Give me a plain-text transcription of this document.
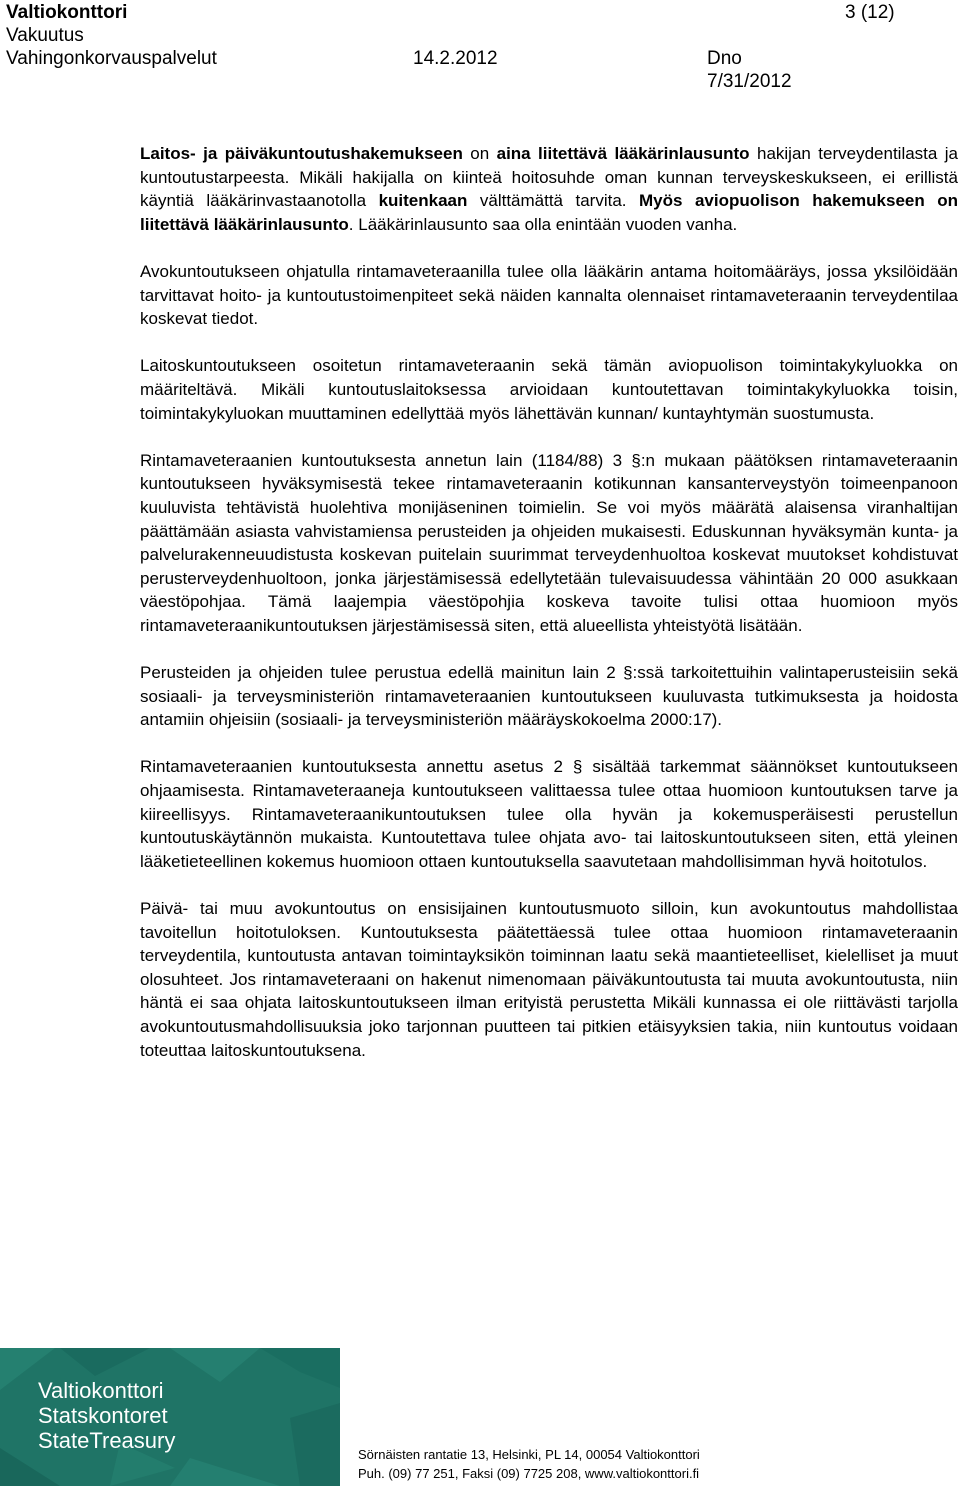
Valtiokonttori	3 (12)
Vakuutus
Vahingonkorvauspalvelut	14.2.2012	Dno
7/31/2012

Laitos- ja päiväkuntoutushakemukseen on aina liitettävä lääkärinlausunto hakijan terveydentilasta ja kuntoutustarpeesta. Mikäli hakijalla on kiinteä hoitosuhde oman kunnan terveyskeskukseen, ei erillistä käyntiä lääkärinvastaanotolla kuitenkaan välttämättä tarvita. Myös aviopuolison hakemukseen on liitettävä lääkärinlausunto. Lääkärinlausunto saa olla enintään vuoden vanha.

Avokuntoutukseen ohjatulla rintamaveteraanilla tulee olla lääkärin antama hoitomääräys, jossa yksilöidään tarvittavat hoito- ja kuntoutustoimenpiteet sekä näiden kannalta olennaiset rintamaveteraanin terveydentilaa koskevat tiedot.

Laitoskuntoutukseen osoitetun rintamaveteraanin sekä tämän aviopuolison toimintakykyluokka on määriteltävä. Mikäli kuntoutuslaitoksessa arvioidaan kuntoutettavan toimintakykyluokka toisin, toimintakykyluokan muuttaminen edellyttää myös lähettävän kunnan/ kuntayhtymän suostumusta.

Rintamaveteraanien kuntoutuksesta annetun lain (1184/88) 3 §:n mukaan päätöksen rintamaveteraanin kuntoutukseen hyväksymisestä tekee rintamaveteraanin kotikunnan kansanterveystyön toimeenpanoon kuuluvista tehtävistä huolehtiva monijäseninen toimielin. Se voi myös määrätä alaisensa viranhaltijan päättämään asiasta vahvistamiensa perusteiden ja ohjeiden mukaisesti. Eduskunnan hyväksymän kunta- ja palvelurakenneuudistusta koskevan puitelain suurimmat terveydenhuoltoa koskevat muutokset kohdistuvat perusterveydenhuoltoon, jonka järjestämisessä edellytetään tulevaisuudessa vähintään 20 000 asukkaan väestöpohjaa. Tämä laajempia väestöpohjia koskeva tavoite tulisi ottaa huomioon myös rintamaveteraanikuntoutuksen järjestämisessä siten, että alueellista yhteistyötä lisätään.

Perusteiden ja ohjeiden tulee perustua edellä mainitun lain 2 §:ssä tarkoitettuihin valintaperusteisiin sekä sosiaali- ja terveysministeriön rintamaveteraanien kuntoutukseen kuuluvasta tutkimuksesta ja hoidosta antamiin ohjeisiin (sosiaali- ja terveysministeriön määräyskokoelma 2000:17).

Rintamaveteraanien kuntoutuksesta annettu asetus 2 § sisältää tarkemmat säännökset kuntoutukseen ohjaamisesta. Rintamaveteraaneja kuntoutukseen valittaessa tulee ottaa huomioon kuntoutuksen tarve ja kiireellisyys. Rintamaveteraanikuntoutuksen tulee olla hyvän ja kokemusperäisesti perustellun kuntoutuskäytännön mukaista. Kuntoutettava tulee ohjata avo- tai laitoskuntoutukseen siten, että yleinen lääketieteellinen kokemus huomioon ottaen kuntoutuksella saavutetaan mahdollisimman hyvä hoitotulos.

Päivä- tai muu avokuntoutus on ensisijainen kuntoutusmuoto silloin, kun avokuntoutus mahdollistaa tavoitellun hoitotuloksen. Kuntoutuksesta päätettäessä tulee ottaa huomioon rintamaveteraanin terveydentila, kuntoutusta antavan toimintayksikön toiminnan laatu sekä maantieteelliset, kielelliset ja muut olosuhteet. Jos rintamaveteraani on hakenut nimenomaan päiväkuntoutusta tai muuta avokuntoutusta, niin häntä ei saa ohjata laitoskuntoutukseen ilman erityistä perustetta Mikäli kunnassa ei ole riittävästi tarjolla avokuntoutusmahdollisuuksia joko tarjonnan puutteen tai pitkien etäisyyksien takia, niin kuntoutus voidaan toteuttaa laitoskuntoutuksena.

Valtiokonttori
Statskontoret
StateTreasury
Sörnäisten rantatie 13, Helsinki, PL 14, 00054 Valtiokonttori
Puh. (09) 77 251, Faksi (09) 7725 208, www.valtiokonttori.fi
